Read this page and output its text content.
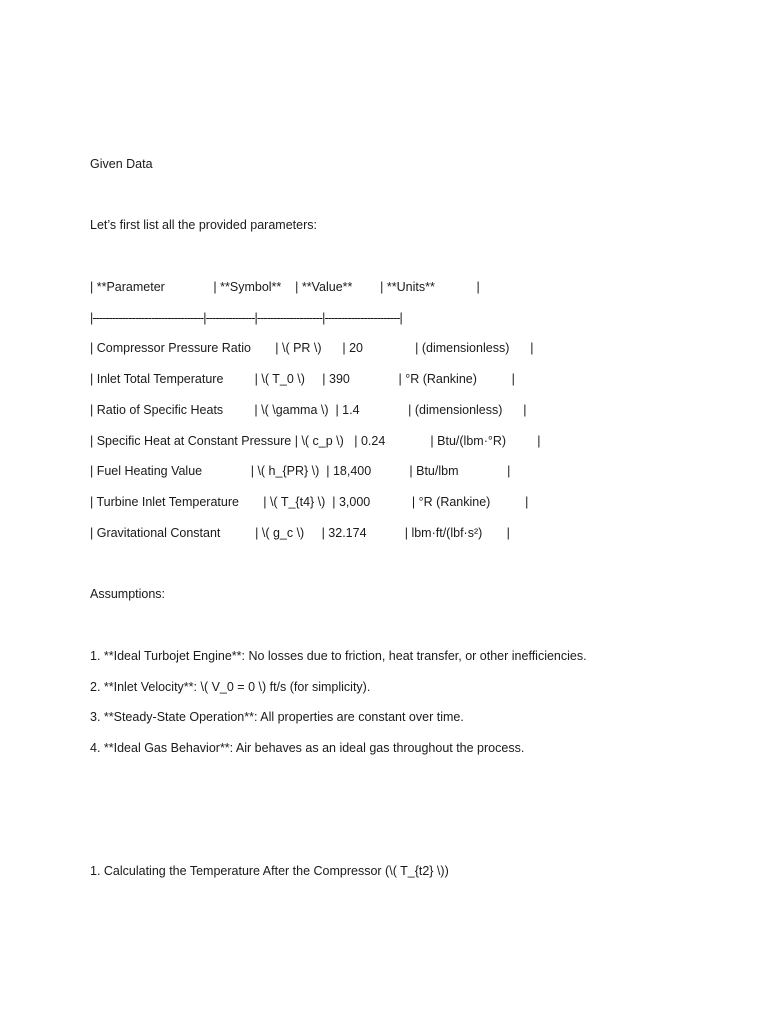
Given Data
Let’s first list all the provided parameters:
| **Parameter              | **Symbol**    | **Value**        | **Units**            |
|----------------------------------|---------------|--------------------|-----------------------|
| Compressor Pressure Ratio       | \( PR \)      | 20               | (dimensionless)      |
| Inlet Total Temperature         | \( T_0 \)     | 390              | °R (Rankine)          |
| Ratio of Specific Heats         | \( \gamma \)  | 1.4              | (dimensionless)      |
| Specific Heat at Constant Pressure | \( c_p \)   | 0.24             | Btu/(lbm·°R)         |
| Fuel Heating Value              | \( h_{PR} \)  | 18,400           | Btu/lbm              |
| Turbine Inlet Temperature       | \( T_{t4} \)  | 3,000            | °R (Rankine)          |
| Gravitational Constant          | \( g_c \)     | 32.174           | lbm·ft/(lbf·s²)       |
Assumptions:
1. **Ideal Turbojet Engine**: No losses due to friction, heat transfer, or other inefficiencies.
2. **Inlet Velocity**: \( V_0 = 0 \) ft/s (for simplicity).
3. **Steady-State Operation**: All properties are constant over time.
4. **Ideal Gas Behavior**: Air behaves as an ideal gas throughout the process.
1. Calculating the Temperature After the Compressor (\( T_{t2} \))
